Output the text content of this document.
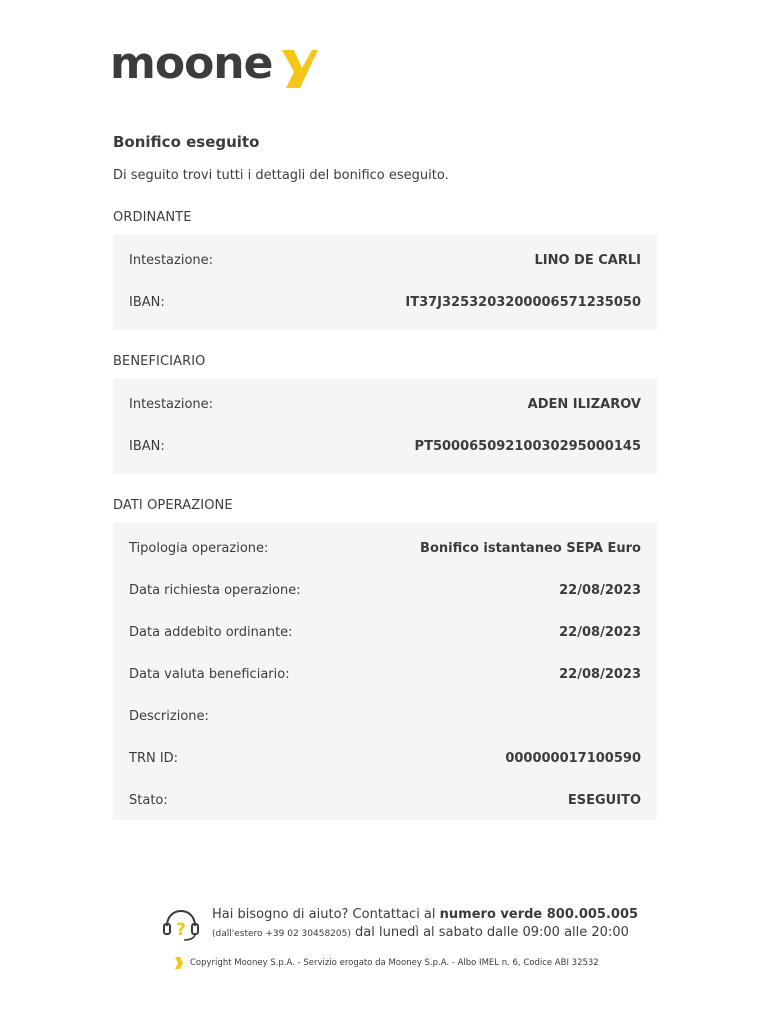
moone
Bonifico eseguito
Di seguito trovi tutti i dettagli del bonifico eseguito.
ORDINANTE
Intestazione:	LINO DE CARLI
IBAN:	IT37J3253203200006571235050
BENEFICIARIO
Intestazione:	ADEN ILIZAROV
IBAN:	PT50006509210030295000145
DATI OPERAZIONE
Tipologia operazione:	Bonifico istantaneo SEPA Euro
Data richiesta operazione:	22/08/2023
Data addebito ordinante:	22/08/2023
Data valuta beneficiario:	22/08/2023
Descrizione:
TRN ID:	000000017100590
Stato:	ESEGUITO
?
Hai bisogno di aiuto? Contattaci al numero verde 800.005.005
(dall'estero +39 02 30458205) dal lunedì al sabato dalle 09:00 alle 20:00
Copyright Mooney S.p.A. - Servizio erogato da Mooney S.p.A. - Albo IMEL n. 6, Codice ABI 32532
